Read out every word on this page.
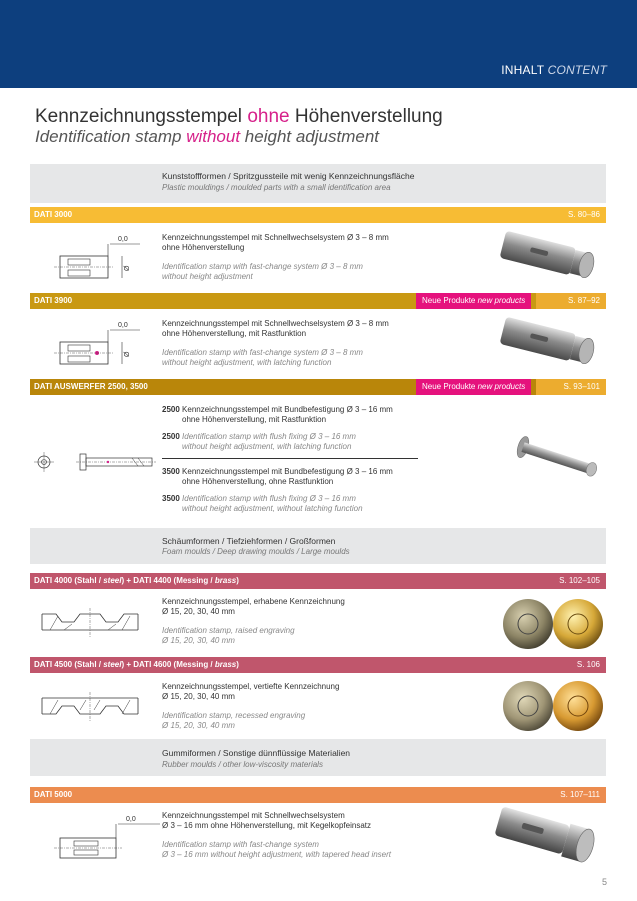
INHALT CONTENT
Kennzeichnungsstempel ohne Höhenverstellung
Identification stamp without height adjustment
Kunststoffformen / Spritzgussteile mit wenig Kennzeichnungsfläche
Plastic mouldings / moulded parts with a small identification area
DATI 3000	S. 80–86
0,0
Ø
Kennzeichnungsstempel mit Schnellwechselsystem Ø 3 – 8 mm
ohne Höhenverstellung
Identification stamp with fast-change system Ø 3 – 8 mm
without height adjustment
DATI 3900	Neue Produkte new products	S. 87–92
0,0
Ø
Kennzeichnungsstempel mit Schnellwechselsystem Ø 3 – 8 mm
ohne Höhenverstellung, mit Rastfunktion
Identification stamp with fast-change system Ø 3 – 8 mm
without height adjustment, with latching function
DATI AUSWERFER 2500, 3500	Neue Produkte new products	S. 93–101
2500 Kennzeichnungsstempel mit Bundbefestigung Ø 3 – 16 mm
ohne Höhenverstellung, mit Rastfunktion
2500 Identification stamp with flush fixing Ø 3 – 16 mm
without height adjustment, with latching function
3500 Kennzeichnungsstempel mit Bundbefestigung Ø 3 – 16 mm
ohne Höhenverstellung, ohne Rastfunktion
3500 Identification stamp with flush fixing Ø 3 – 16 mm
without height adjustment, without latching function
Schäumformen / Tiefziehformen / Großformen
Foam moulds / Deep drawing moulds / Large moulds
DATI 4000 (Stahl / steel) + DATI 4400 (Messing / brass)	S. 102–105
Kennzeichnungsstempel, erhabene Kennzeichnung
Ø 15, 20, 30, 40 mm
Identification stamp, raised engraving
Ø 15, 20, 30, 40 mm
DATI 4500 (Stahl / steel) + DATI 4600 (Messing / brass)	S. 106
Kennzeichnungsstempel, vertiefte Kennzeichnung
Ø 15, 20, 30, 40 mm
Identification stamp, recessed engraving
Ø 15, 20, 30, 40 mm
Gummiformen / Sonstige dünnflüssige Materialien
Rubber moulds / other low-viscosity materials
DATI 5000	S. 107–111
0,0	Kennzeichnungsstempel mit Schnellwechselsystem
Ø 3 – 16 mm ohne Höhenverstellung, mit Kegelkopfeinsatz
Identification stamp with fast-change system
Ø 3 – 16 mm without height adjustment, with tapered head insert
5
